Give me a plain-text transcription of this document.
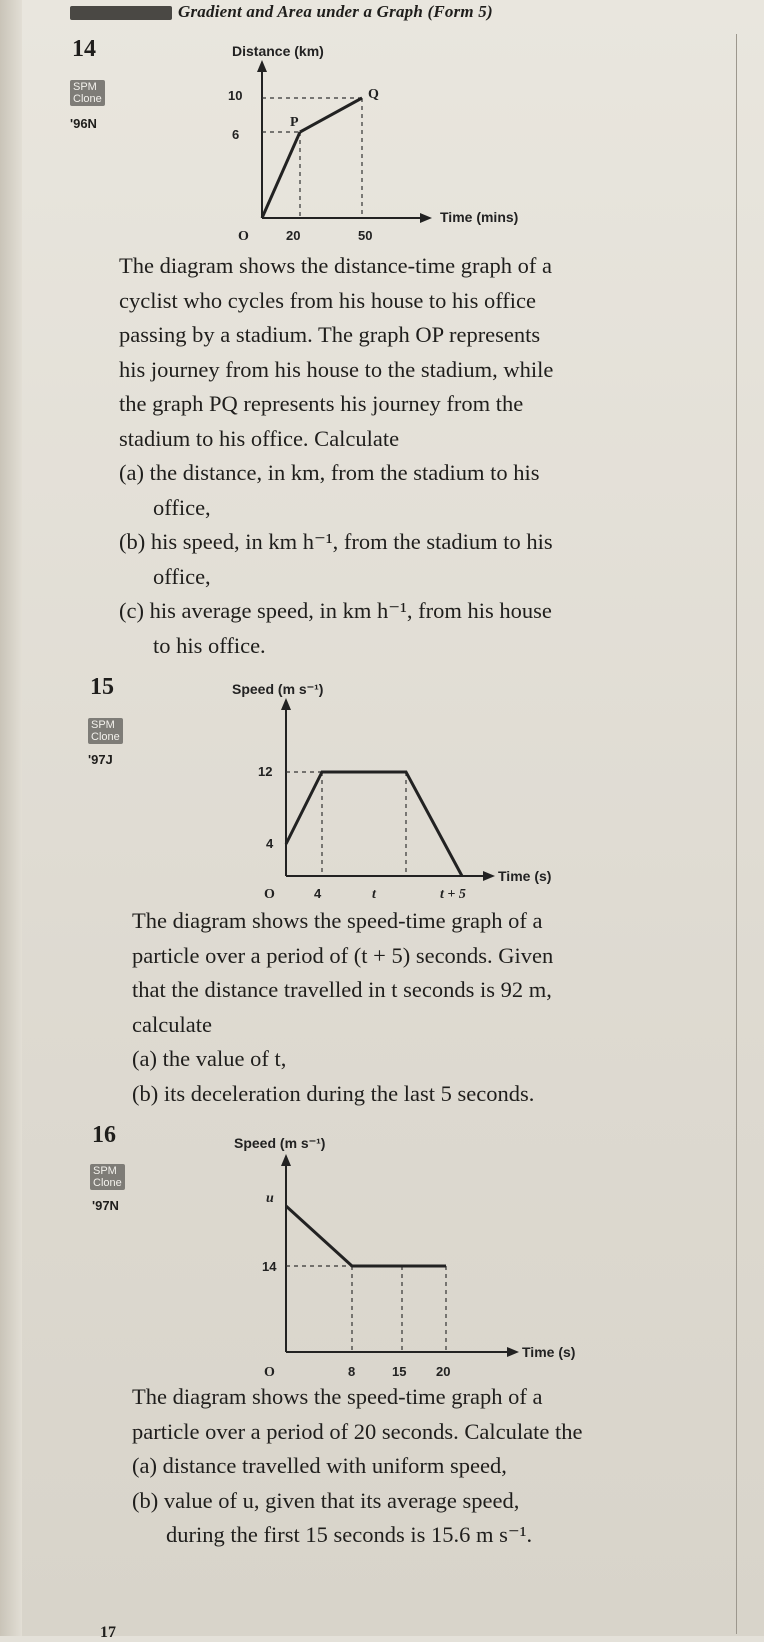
Gradient and Area under a Graph (Form 5)
14
SPM
Clone
'96N
Distance (km)
Time (mins)
O
10
6
20	50
P
Q
The diagram shows the distance-time graph of a
cyclist who cycles from his house to his office
passing by a stadium. The graph OP represents
his journey from his house to the stadium, while
the graph PQ represents his journey from the
stadium to his office. Calculate
(a) the distance, in km, from the stadium to his
office,
(b) his speed, in km h⁻¹, from the stadium to his
office,
(c) his average speed, in km h⁻¹, from his house
to his office.
15
SPM
Clone
'97J
Speed (m s⁻¹)
Time (s)
O
12
4
4	t	t + 5
The diagram shows the speed-time graph of a
particle over a period of (t + 5) seconds. Given
that the distance travelled in t seconds is 92 m,
calculate
(a) the value of t,
(b) its deceleration during the last 5 seconds.
16
SPM
Clone
'97N
Speed (m s⁻¹)
Time (s)
O
u
14
8	15 20
The diagram shows the speed-time graph of a
particle over a period of 20 seconds. Calculate the
(a) distance travelled with uniform speed,
(b) value of u, given that its average speed,
during the first 15 seconds is 15.6 m s⁻¹.
17
